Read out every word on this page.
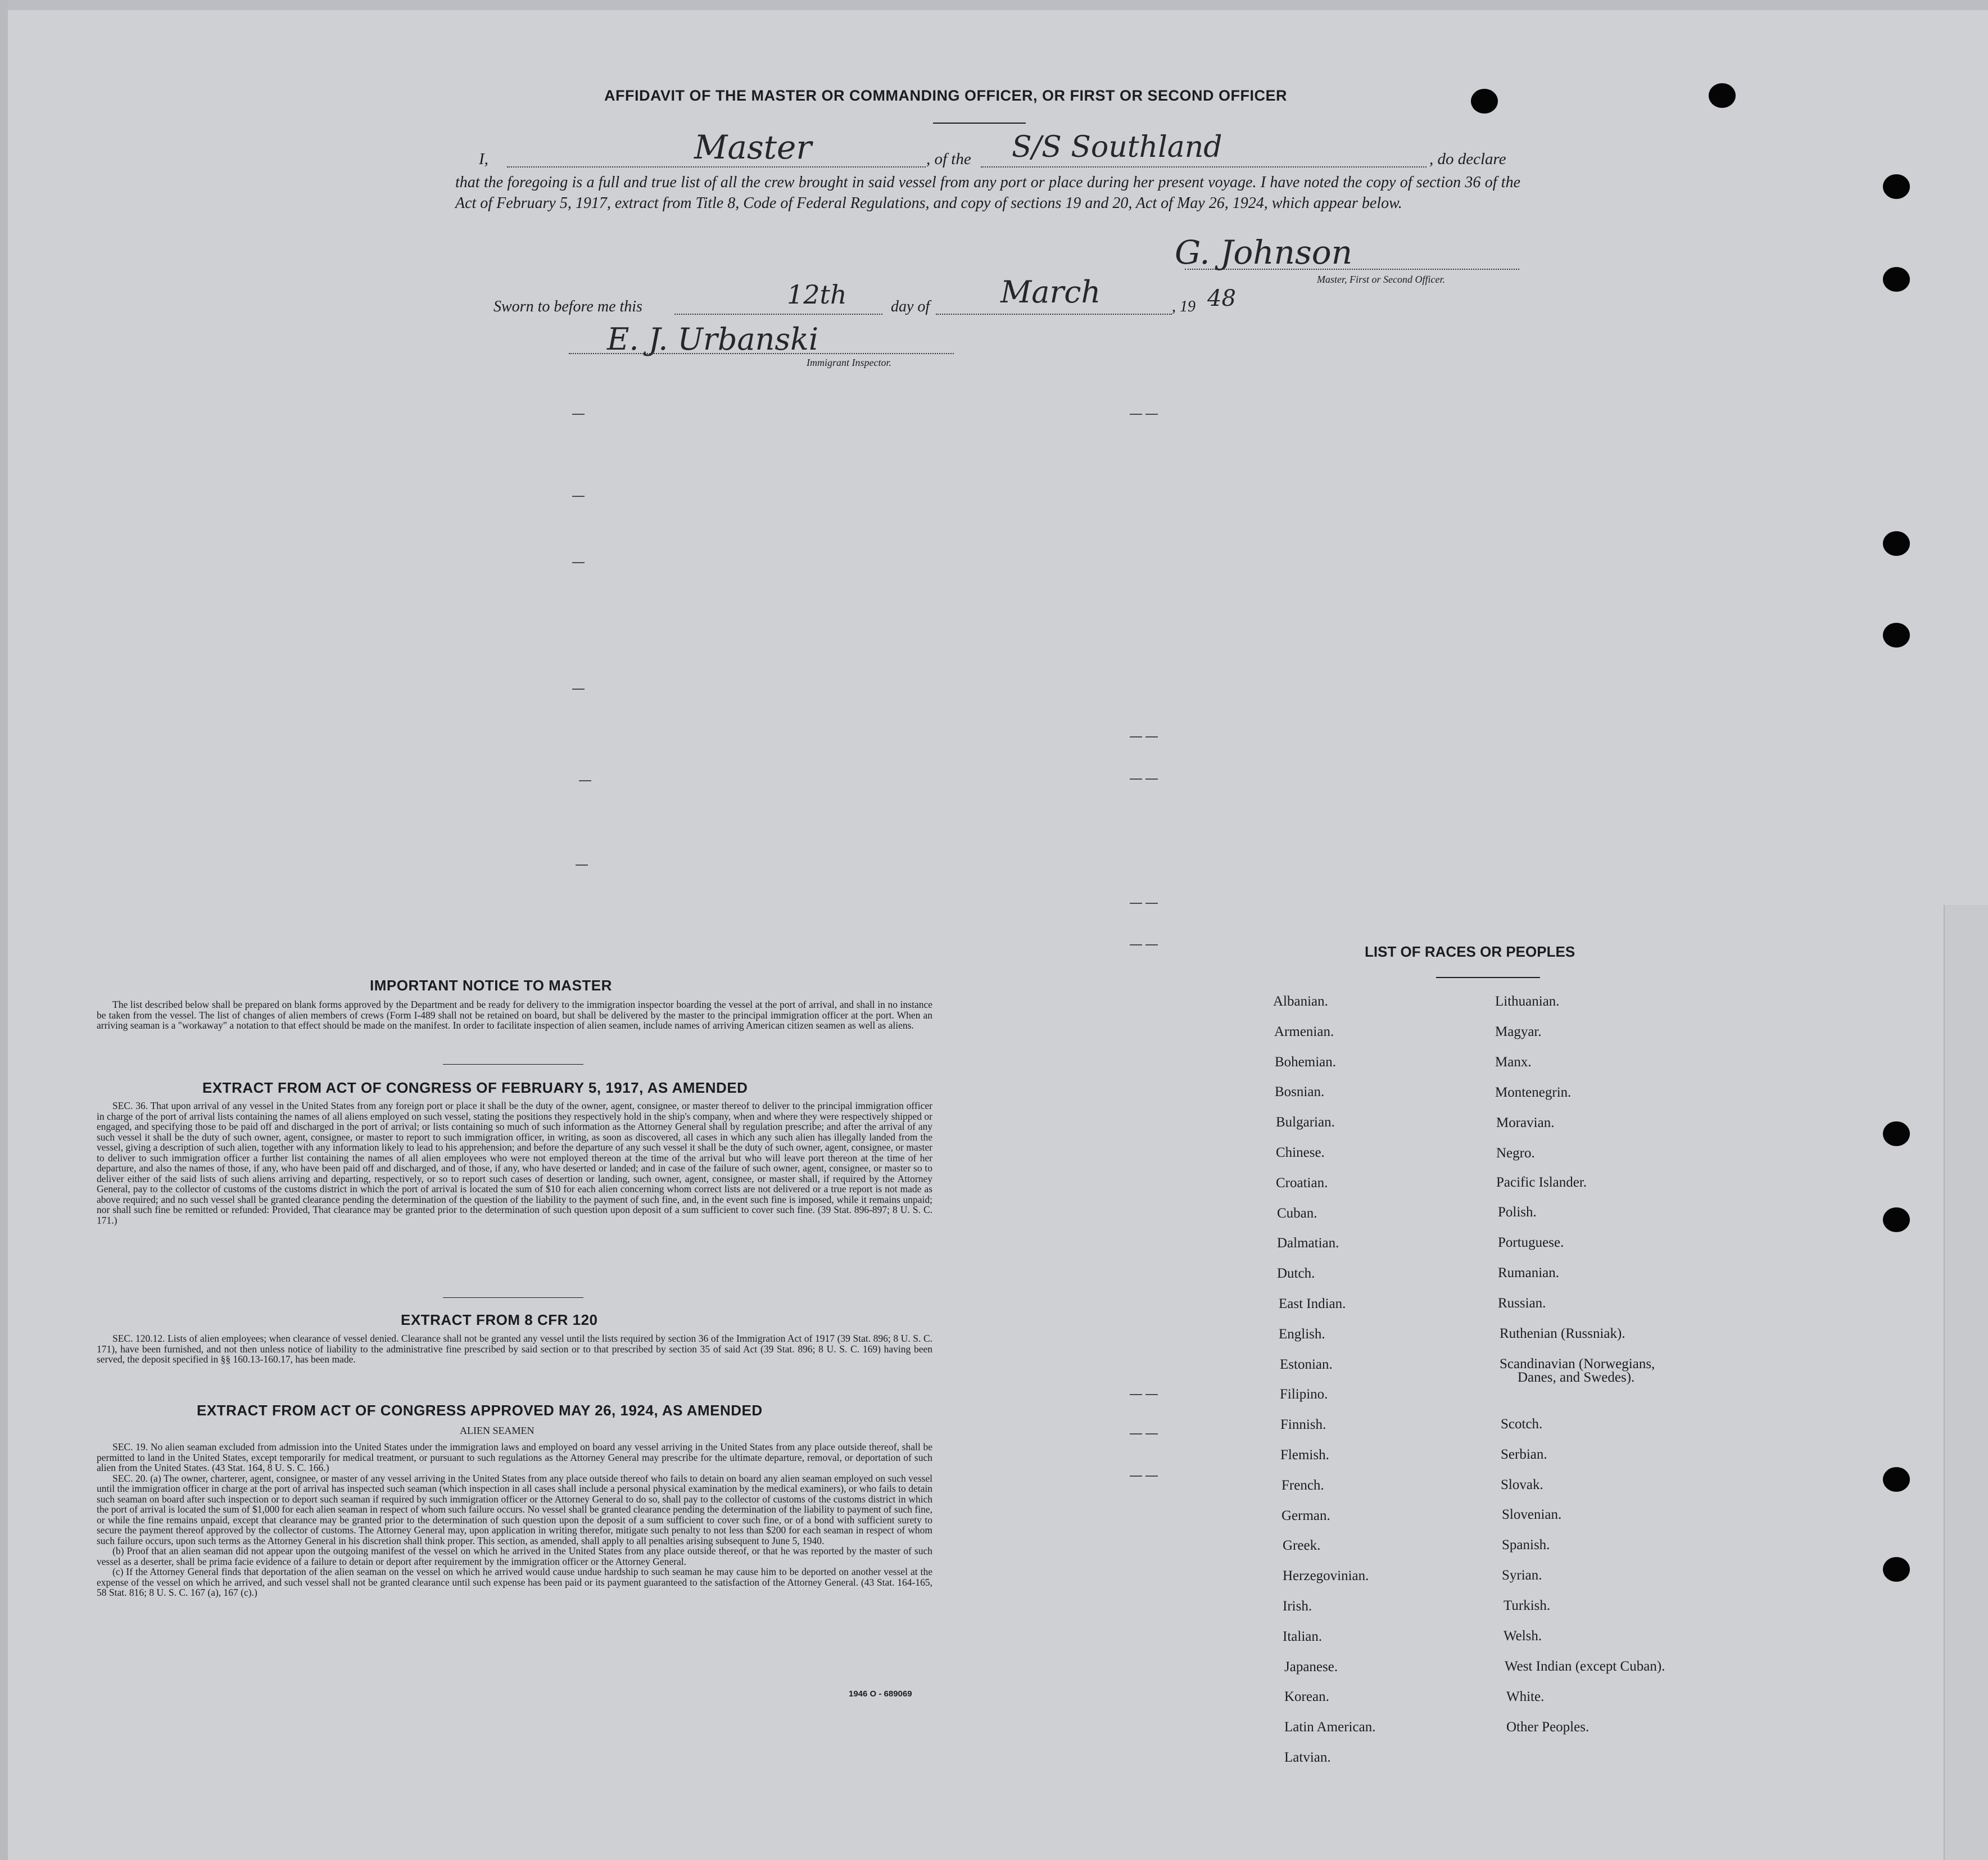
AFFIDAVIT OF THE MASTER OR COMMANDING OFFICER, OR FIRST OR SECOND OFFICER
I,	Master	, of the S/S Southland	, do declare
that the foregoing is a full and true list of all the crew brought in said vessel from any port or place during her present voyage. I have noted the copy of section 36 of the Act of February 5, 1917, extract from Title 8, Code of Federal Regulations, and copy of sections 19 and 20, Act of May 26, 1924, which appear below.
G. Johnson
Master, First or Second Officer.
Sworn to before me this	12th	day of March	, 19 48
E. J. Urbanski
Immigrant Inspector.
IMPORTANT NOTICE TO MASTER

The list described below shall be prepared on blank forms approved by the Department and be ready for delivery to the immigration inspector boarding the vessel at the port of arrival, and shall in no instance be taken from the vessel. The list of changes of alien members of crews (Form I-489 shall not be retained on board, but shall be delivered by the master to the principal immigration officer at the port. When an arriving seaman is a "workaway" a notation to that effect should be made on the manifest. In order to facilitate inspection of alien seamen, include names of arriving American citizen seamen as well as aliens.

EXTRACT FROM ACT OF CONGRESS OF FEBRUARY 5, 1917, AS AMENDED

SEC. 36. That upon arrival of any vessel in the United States from any foreign port or place it shall be the duty of the owner, agent, consignee, or master thereof to deliver to the principal immigration officer in charge of the port of arrival lists containing the names of all aliens employed on such vessel, stating the positions they respectively hold in the ship's company, when and where they were respectively shipped or engaged, and specifying those to be paid off and discharged in the port of arrival; or lists containing so much of such information as the Attorney General shall by regulation prescribe; and after the arrival of any such vessel it shall be the duty of such owner, agent, consignee, or master to report to such immigration officer, in writing, as soon as discovered, all cases in which any such alien has illegally landed from the vessel, giving a description of such alien, together with any information likely to lead to his apprehension; and before the departure of any such vessel it shall be the duty of such owner, agent, consignee, or master to deliver to such immigration officer a further list containing the names of all alien employees who were not employed thereon at the time of the arrival but who will leave port thereon at the time of her departure, and also the names of those, if any, who have been paid off and discharged, and of those, if any, who have deserted or landed; and in case of the failure of such owner, agent, consignee, or master so to deliver either of the said lists of such aliens arriving and departing, respectively, or so to report such cases of desertion or landing, such owner, agent, consignee, or master shall, if required by the Attorney General, pay to the collector of customs of the customs district in which the port of arrival is located the sum of $10 for each alien concerning whom correct lists are not delivered or a true report is not made as above required; and no such vessel shall be granted clearance pending the determination of the question of the liability to the payment of such fine, and, in the event such fine is imposed, while it remains unpaid; nor shall such fine be remitted or refunded: Provided, That clearance may be granted prior to the determination of such question upon deposit of a sum sufficient to cover such fine. (39 Stat. 896-897; 8 U. S. C. 171.)

EXTRACT FROM 8 CFR 120

SEC. 120.12. Lists of alien employees; when clearance of vessel denied. Clearance shall not be granted any vessel until the lists required by section 36 of the Immigration Act of 1917 (39 Stat. 896; 8 U. S. C. 171), have been furnished, and not then unless notice of liability to the administrative fine prescribed by said section or to that prescribed by section 35 of said Act (39 Stat. 896; 8 U. S. C. 169) having been served, the deposit specified in §§ 160.13-160.17, has been made.

EXTRACT FROM ACT OF CONGRESS APPROVED MAY 26, 1924, AS AMENDED
ALIEN SEAMEN

SEC. 19. No alien seaman excluded from admission into the United States under the immigration laws and employed on board any vessel arriving in the United States from any place outside thereof, shall be permitted to land in the United States, except temporarily for medical treatment, or pursuant to such regulations as the Attorney General may prescribe for the ultimate departure, removal, or deportation of such alien from the United States. (43 Stat. 164, 8 U. S. C. 166.)

SEC. 20. (a) The owner, charterer, agent, consignee, or master of any vessel arriving in the United States from any place outside thereof who fails to detain on board any alien seaman employed on such vessel until the immigration officer in charge at the port of arrival has inspected such seaman (which inspection in all cases shall include a personal physical examination by the medical examiners), or who fails to detain such seaman on board after such inspection or to deport such seaman if required by such immigration officer or the Attorney General to do so, shall pay to the collector of customs of the customs district in which the port of arrival is located the sum of $1,000 for each alien seaman in respect of whom such failure occurs. No vessel shall be granted clearance pending the determination of the liability to payment of such fine, or while the fine remains unpaid, except that clearance may be granted prior to the determination of such question upon the deposit of a sum sufficient to cover such fine, or of a bond with sufficient surety to secure the payment thereof approved by the collector of customs. The Attorney General may, upon application in writing therefor, mitigate such penalty to not less than $200 for each seaman in respect of whom such failure occurs, upon such terms as the Attorney General in his discretion shall think proper. This section, as amended, shall apply to all penalties arising subsequent to June 5, 1940.

(b) Proof that an alien seaman did not appear upon the outgoing manifest of the vessel on which he arrived in the United States from any place outside thereof, or that he was reported by the master of such vessel as a deserter, shall be prima facie evidence of a failure to detain or deport after requirement by the immigration officer or the Attorney General.

(c) If the Attorney General finds that deportation of the alien seaman on the vessel on which he arrived would cause undue hardship to such seaman he may cause him to be deported on another vessel at the expense of the vessel on which he arrived, and such vessel shall not be granted clearance until such expense has been paid or its payment guaranteed to the satisfaction of the Attorney General. (43 Stat. 164-165, 58 Stat. 816; 8 U. S. C. 167 (a), 167 (c).)

1946 O - 689069
LIST OF RACES OR PEOPLES
Albanian.
Armenian.
Bohemian.
Bosnian.
Bulgarian.
Chinese.
Croatian.
Cuban.
Dalmatian.
Dutch.
East Indian.
English.
Estonian.
Filipino.
Finnish.
Flemish.
French.
German.
Greek.
Herzegovinian.
Irish.
Italian.
Japanese.
Korean.
Latin American.
Latvian.
Lithuanian.
Magyar.
Manx.
Montenegrin.
Moravian.
Negro.
Pacific Islander.
Polish.
Portuguese.
Rumanian.
Russian.
Ruthenian (Russniak).
Scandinavian (Norwegians,
Danes, and Swedes).
Scotch.
Serbian.
Slovak.
Slovenian.
Spanish.
Syrian.
Turkish.
Welsh.
West Indian (except Cuban).
White.
Other Peoples.
